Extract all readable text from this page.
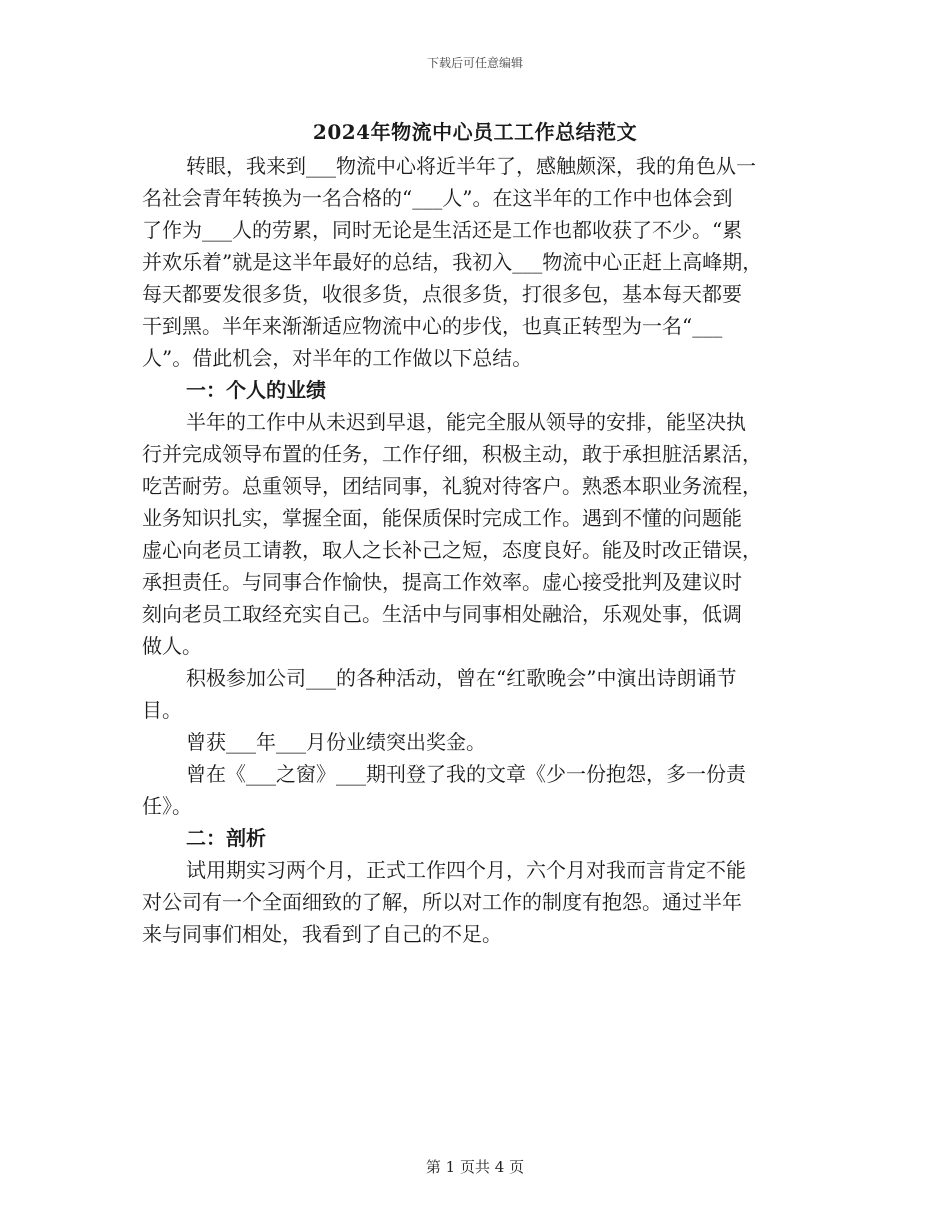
下载后可任意编辑
2024年物流中心员工工作总结范文
转眼，我来到___物流中心将近半年了，感触颇深，我的角色从一
名社会青年转换为一名合格的“___人”。在这半年的工作中也体会到
了作为___人的劳累，同时无论是生活还是工作也都收获了不少。“累
并欢乐着”就是这半年最好的总结，我初入___物流中心正赶上高峰期，
每天都要发很多货，收很多货，点很多货，打很多包，基本每天都要
干到黑。半年来渐渐适应物流中心的步伐，也真正转型为一名“___
人”。借此机会，对半年的工作做以下总结。
一：个人的业绩
半年的工作中从未迟到早退，能完全服从领导的安排，能坚决执
行并完成领导布置的任务，工作仔细，积极主动，敢于承担脏活累活，
吃苦耐劳。总重领导，团结同事，礼貌对待客户。熟悉本职业务流程，
业务知识扎实，掌握全面，能保质保时完成工作。遇到不懂的问题能
虚心向老员工请教，取人之长补己之短，态度良好。能及时改正错误，
承担责任。与同事合作愉快，提高工作效率。虚心接受批判及建议时
刻向老员工取经充实自己。生活中与同事相处融洽，乐观处事，低调
做人。
积极参加公司___的各种活动，曾在“红歌晚会”中演出诗朗诵节
目。
曾获___年___月份业绩突出奖金。
曾在《___之窗》___期刊登了我的文章《少一份抱怨，多一份责
任》。
二：剖析
试用期实习两个月，正式工作四个月，六个月对我而言肯定不能
对公司有一个全面细致的了解，所以对工作的制度有抱怨。通过半年
来与同事们相处，我看到了自己的不足。
第 1 页共 4 页
